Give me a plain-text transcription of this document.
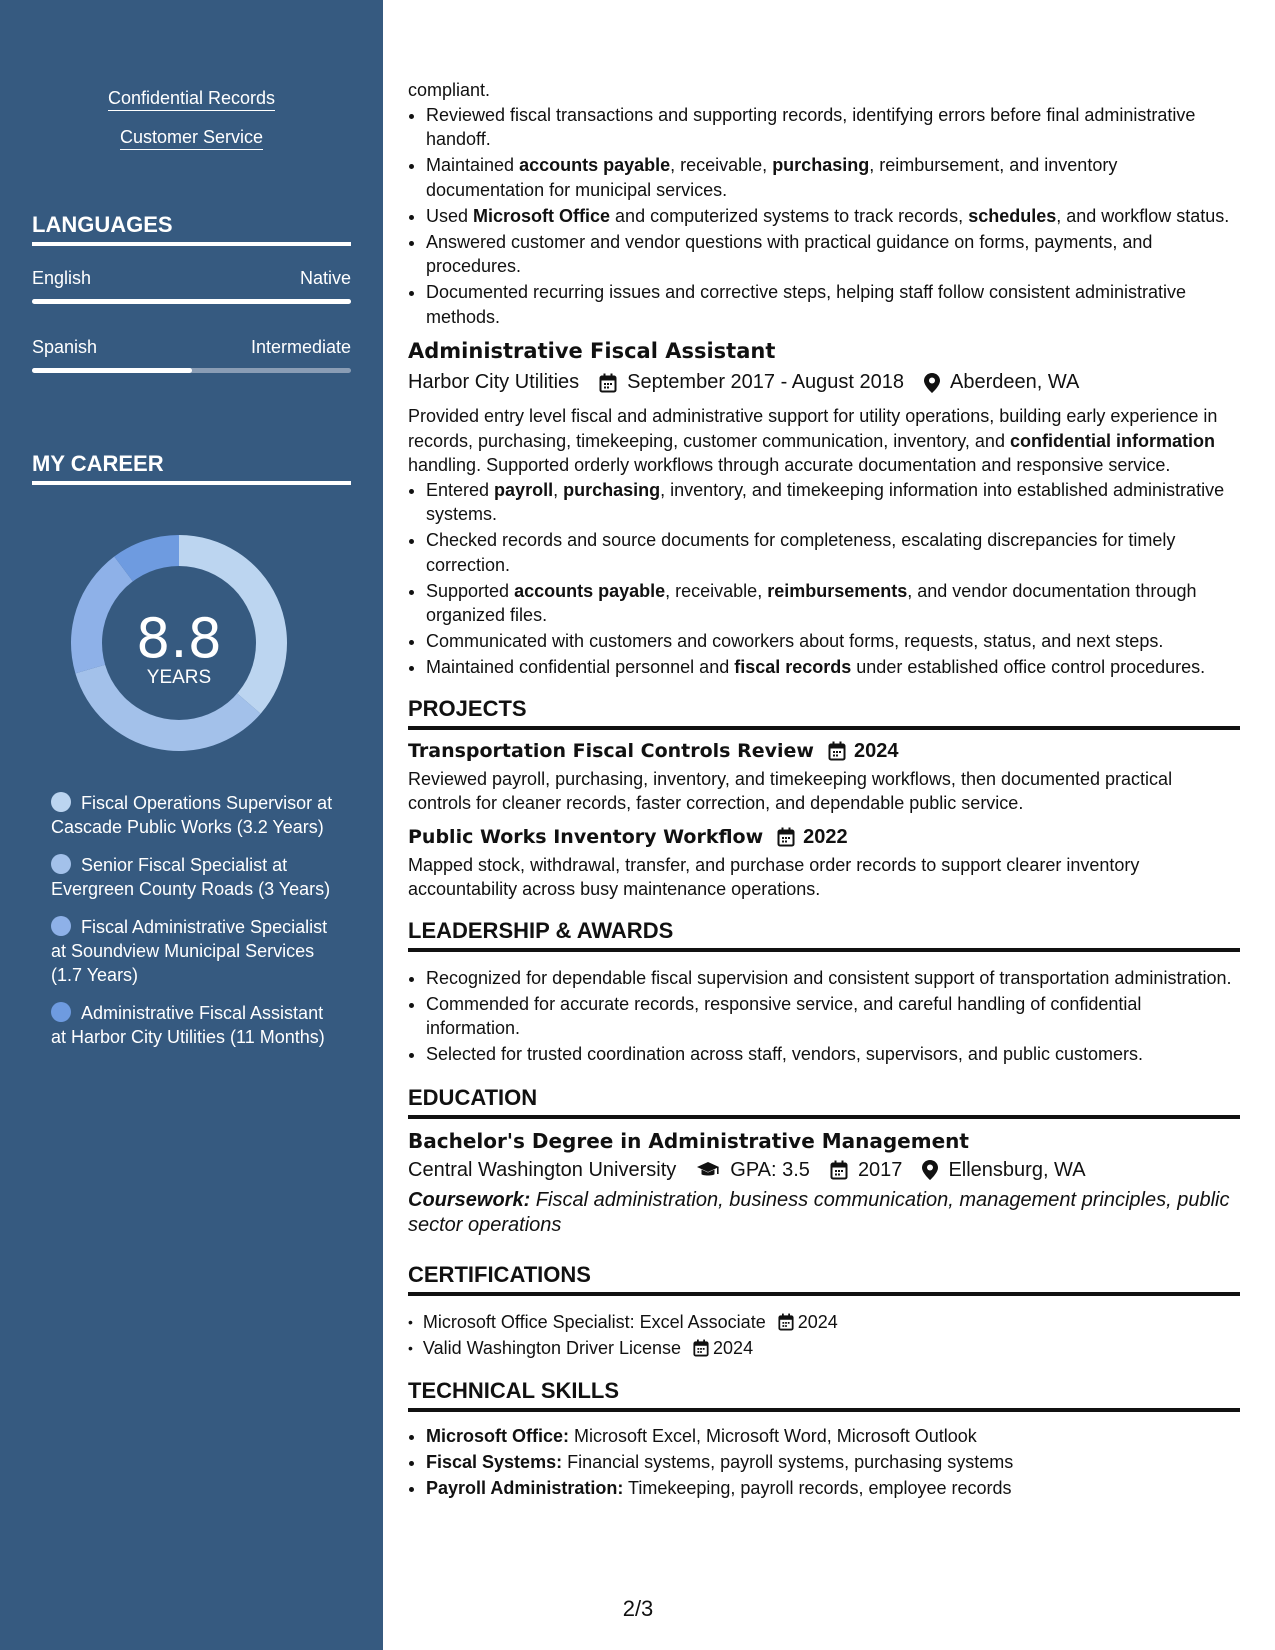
Confidential Records
Customer Service
LANGUAGES
English	Native
Spanish	Intermediate
MY CAREER
8.8
YEARS
Fiscal Operations Supervisor at Cascade Public Works (3.2 Years)
Senior Fiscal Specialist at Evergreen County Roads (3 Years)
Fiscal Administrative Specialist at Soundview Municipal Services (1.7 Years)
Administrative Fiscal Assistant at Harbor City Utilities (11 Months)
compliant.
• Reviewed fiscal transactions and supporting records, identifying errors before final administrative handoff.
• Maintained accounts payable, receivable, purchasing, reimbursement, and inventory documentation for municipal services.
• Used Microsoft Office and computerized systems to track records, schedules, and workflow status.
• Answered customer and vendor questions with practical guidance on forms, payments, and procedures.
• Documented recurring issues and corrective steps, helping staff follow consistent administrative methods.
Administrative Fiscal Assistant
Harbor City Utilities September 2017 - August 2018 Aberdeen, WA
Provided entry level fiscal and administrative support for utility operations, building early experience in records, purchasing, timekeeping, customer communication, inventory, and confidential information handling. Supported orderly workflows through accurate documentation and responsive service.
• Entered payroll, purchasing, inventory, and timekeeping information into established administrative systems.
• Checked records and source documents for completeness, escalating discrepancies for timely correction.
• Supported accounts payable, receivable, reimbursements, and vendor documentation through organized files.
• Communicated with customers and coworkers about forms, requests, status, and next steps.
• Maintained confidential personnel and fiscal records under established office control procedures.
PROJECTS
Transportation Fiscal Controls Review 2024
Reviewed payroll, purchasing, inventory, and timekeeping workflows, then documented practical controls for cleaner records, faster correction, and dependable public service.
Public Works Inventory Workflow 2022
Mapped stock, withdrawal, transfer, and purchase order records to support clearer inventory accountability across busy maintenance operations.
LEADERSHIP & AWARDS
• Recognized for dependable fiscal supervision and consistent support of transportation administration.
• Commended for accurate records, responsive service, and careful handling of confidential information.
• Selected for trusted coordination across staff, vendors, supervisors, and public customers.
EDUCATION
Bachelor's Degree in Administrative Management
Central Washington University	GPA: 3.5 2017 Ellensburg, WA
Coursework: Fiscal administration, business communication, management principles, public sector operations
CERTIFICATIONS
• Microsoft Office Specialist: Excel Associate 2024
• Valid Washington Driver License 2024
TECHNICAL SKILLS
• Microsoft Office: Microsoft Excel, Microsoft Word, Microsoft Outlook
• Fiscal Systems: Financial systems, payroll systems, purchasing systems
• Payroll Administration: Timekeeping, payroll records, employee records
2/3
